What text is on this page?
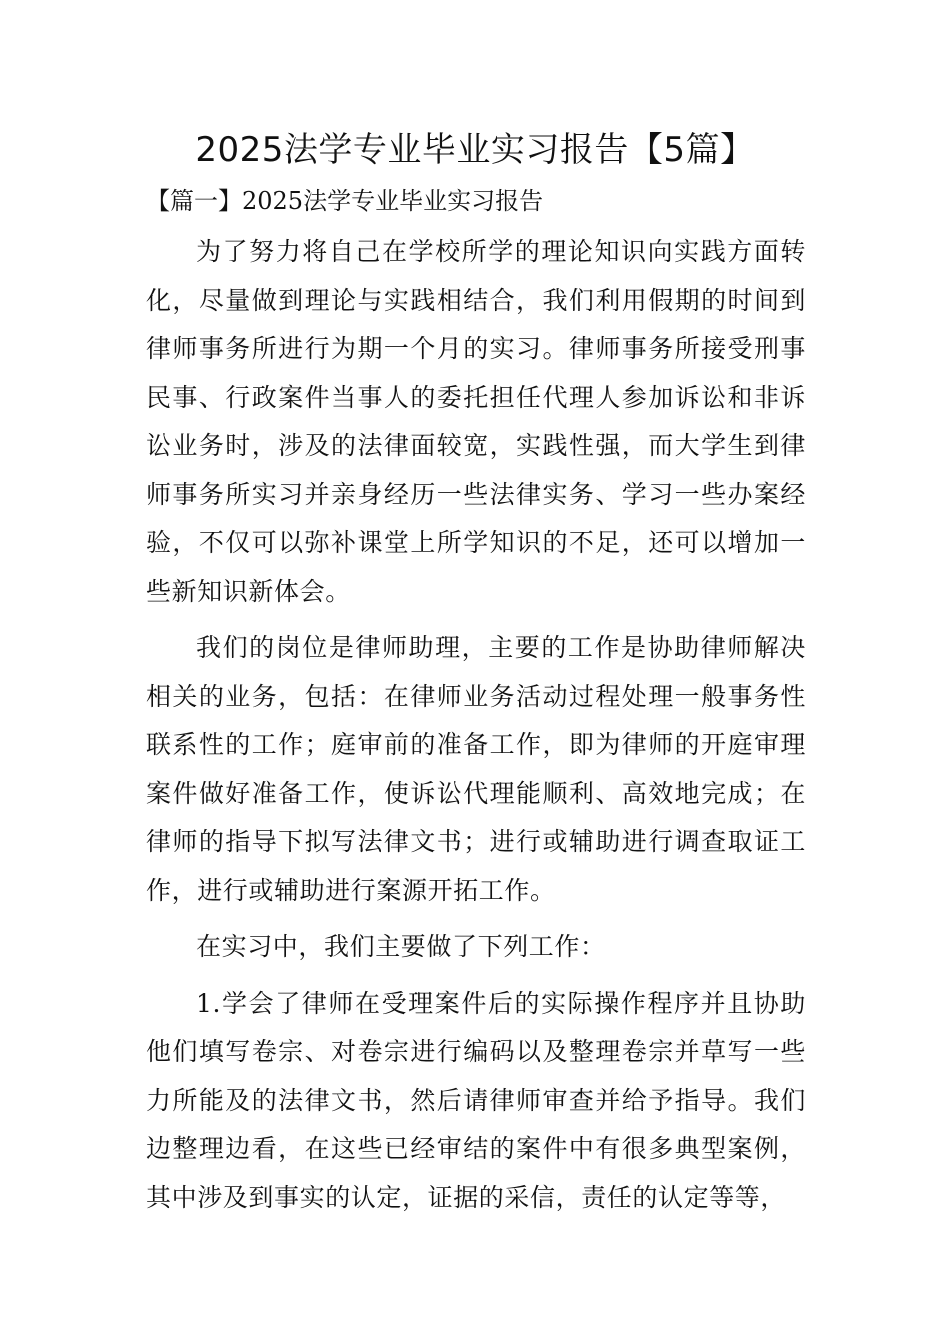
2025法学专业毕业实习报告【5篇】
【篇一】2025法学专业毕业实习报告

为了努力将自己在学校所学的理论知识向实践方面转化，尽量做到理论与实践相结合，我们利用假期的时间到律师事务所进行为期一个月的实习。律师事务所接受刑事民事、行政案件当事人的委托担任代理人参加诉讼和非诉讼业务时，涉及的法律面较宽，实践性强，而大学生到律师事务所实习并亲身经历一些法律实务、学习一些办案经验，不仅可以弥补课堂上所学知识的不足，还可以增加一些新知识新体会。

我们的岗位是律师助理，主要的工作是协助律师解决相关的业务，包括：在律师业务活动过程处理一般事务性联系性的工作；庭审前的准备工作，即为律师的开庭审理案件做好准备工作，使诉讼代理能顺利、高效地完成；在律师的指导下拟写法律文书；进行或辅助进行调查取证工作，进行或辅助进行案源开拓工作。

在实习中，我们主要做了下列工作：

1.学会了律师在受理案件后的实际操作程序并且协助他们填写卷宗、对卷宗进行编码以及整理卷宗并草写一些力所能及的法律文书，然后请律师审查并给予指导。我们边整理边看，在这些已经审结的案件中有很多典型案例，其中涉及到事实的认定，证据的采信，责任的认定等等，
